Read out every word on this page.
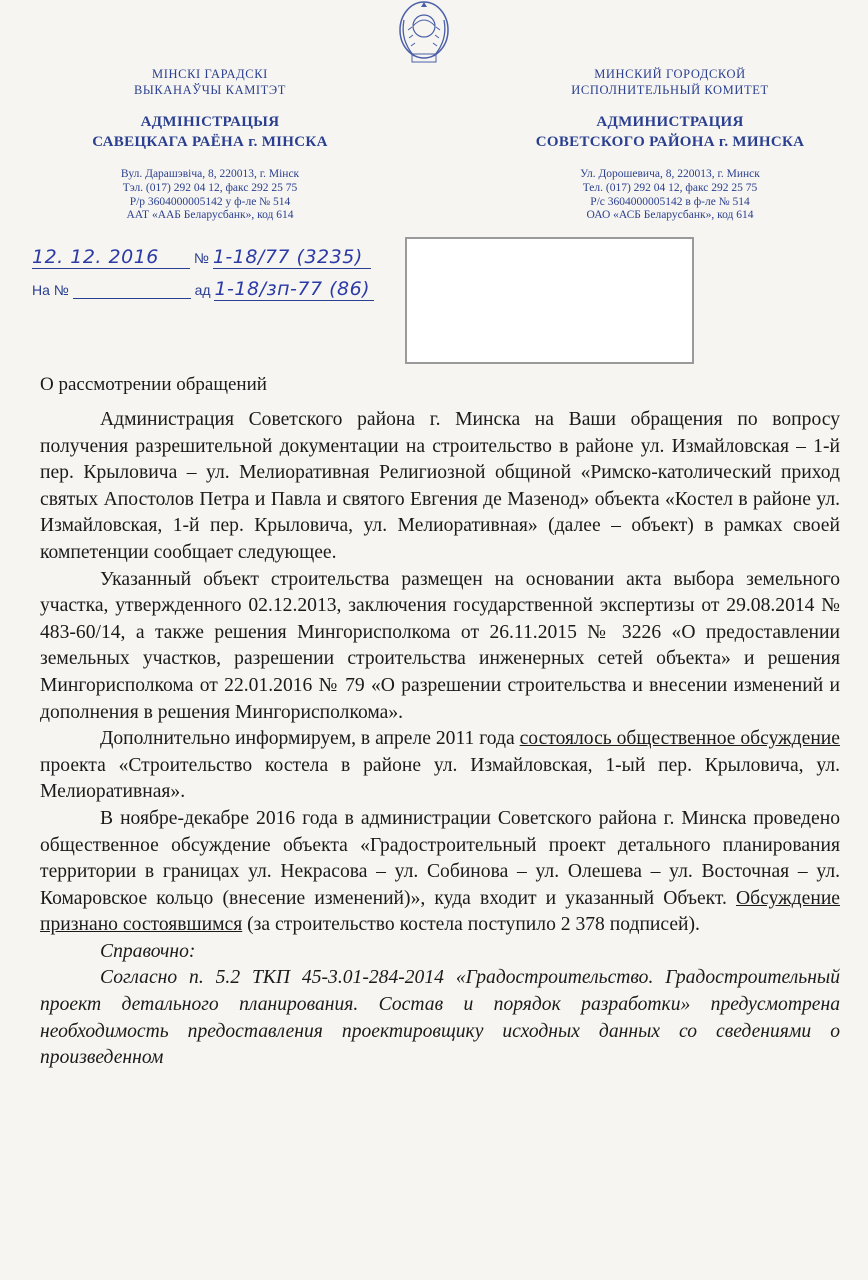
МІНСКІ ГАРАДСКІ
ВЫКАНАЎЧЫ КАМІТЭТ
АДМІНІСТРАЦЫЯ
САВЕЦКАГА РАЁНА г. МІНСКА
Вул. Дарашэвіча, 8, 220013, г. Мінск
Тэл. (017) 292 04 12, факс 292 25 75
Р/р 3604000005142 у ф-ле № 514
ААТ «ААБ Беларусбанк», код 614
МИНСКИЙ ГОРОДСКОЙ
ИСПОЛНИТЕЛЬНЫЙ КОМИТЕТ
АДМИНИСТРАЦИЯ
СОВЕТСКОГО РАЙОНА г. МИНСКА
Ул. Дорошевича, 8, 220013, г. Минск
Тел. (017) 292 04 12, факс 292 25 75
Р/с 3604000005142 в ф-ле № 514
ОАО «АСБ Беларусбанк», код 614
12. 12. 2016	№ 1-18/77 (3235)
На №	ад 1-18/зп-77 (86)
О рассмотрении обращений

Администрация Советского района г. Минска на Ваши обращения по вопросу получения разрешительной документации на строительство в районе ул. Измайловская – 1-й пер. Крыловича – ул. Мелиоративная Религиозной общиной «Римско-католический приход святых Апостолов Петра и Павла и святого Евгения де Мазенод» объекта «Костел в районе ул. Измайловская, 1-й пер. Крыловича, ул. Мелиоративная» (далее – объект) в рамках своей компетенции сообщает следующее.

Указанный объект строительства размещен на основании акта выбора земельного участка, утвержденного 02.12.2013, заключения государственной экспертизы от 29.08.2014 № 483-60/14, а также решения Мингорисполкома от 26.11.2015 № 3226 «О предоставлении земельных участков, разрешении строительства инженерных сетей объекта» и решения Мингорисполкома от 22.01.2016 № 79 «О разрешении строительства и внесении изменений и дополнения в решения Мингорисполкома».

Дополнительно информируем, в апреле 2011 года состоялось общественное обсуждение проекта «Строительство костела в районе ул. Измайловская, 1-ый пер. Крыловича, ул. Мелиоративная».

В ноябре-декабре 2016 года в администрации Советского района г. Минска проведено общественное обсуждение объекта «Градостроительный проект детального планирования территории в границах ул. Некрасова – ул. Собинова – ул. Олешева – ул. Восточная – ул. Комаровское кольцо (внесение изменений)», куда входит и указанный Объект. Обсуждение признано состоявшимся (за строительство костела поступило 2 378 подписей).

Справочно:

Согласно п. 5.2 ТКП 45-3.01-284-2014 «Градостроительство. Градостроительный проект детального планирования. Состав и порядок разработки» предусмотрена необходимость предоставления проектировщику исходных данных со сведениями о произведенном
